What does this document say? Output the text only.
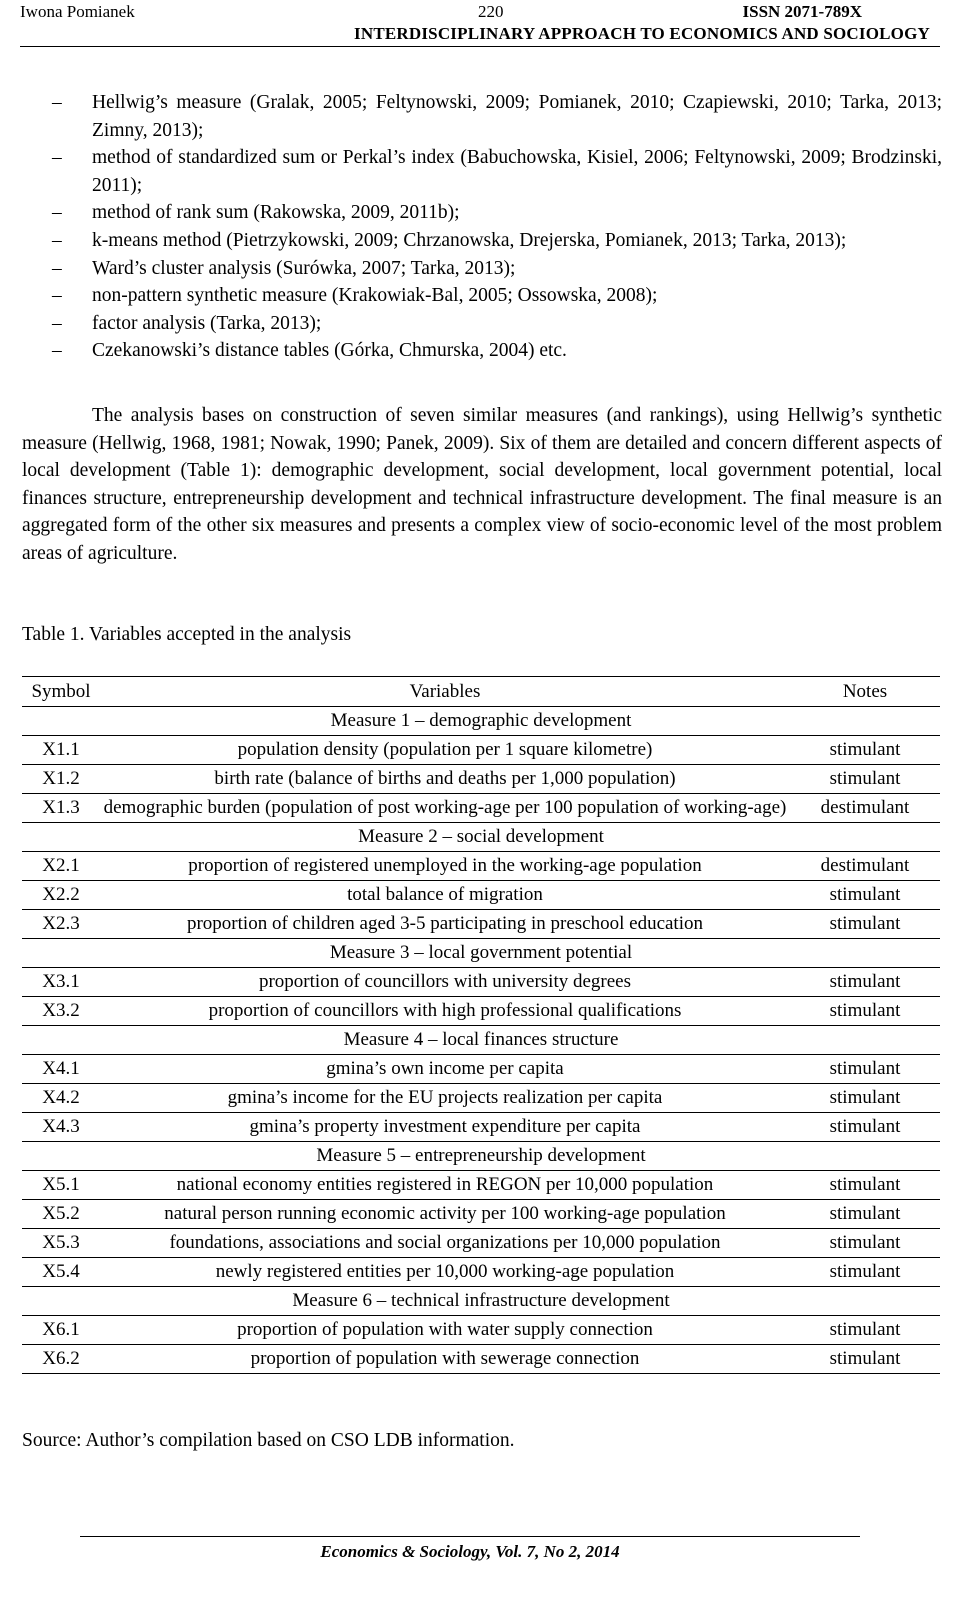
Iwona Pomianek	220	ISSN 2071-789X
INTERDISCIPLINARY APPROACH TO ECONOMICS AND SOCIOLOGY
– Hellwig’s measure (Gralak, 2005; Feltynowski, 2009; Pomianek, 2010; Czapiewski, 2010; Tarka, 2013; Zimny, 2013);
– method of standardized sum or Perkal’s index (Babuchowska, Kisiel, 2006; Feltynowski, 2009; Brodzinski, 2011);
– method of rank sum (Rakowska, 2009, 2011b);
– k-means method (Pietrzykowski, 2009; Chrzanowska, Drejerska, Pomianek, 2013; Tarka, 2013);
– Ward’s cluster analysis (Surówka, 2007; Tarka, 2013);
– non-pattern synthetic measure (Krakowiak-Bal, 2005; Ossowska, 2008);
– factor analysis (Tarka, 2013);
– Czekanowski’s distance tables (Górka, Chmurska, 2004) etc.
The analysis bases on construction of seven similar measures (and rankings), using Hellwig’s synthetic measure (Hellwig, 1968, 1981; Nowak, 1990; Panek, 2009). Six of them are detailed and concern different aspects of local development (Table 1): demographic development, social development, local government potential, local finances structure, entrepreneurship development and technical infrastructure development. The final measure is an aggregated form of the other six measures and presents a complex view of socio-economic level of the most problem areas of agriculture.
Table 1. Variables accepted in the analysis
Symbol	Variables	Notes
Measure 1 – demographic development		
X1.1	population density (population per 1 square kilometre)	stimulant
X1.2	birth rate (balance of births and deaths per 1,000 population)	stimulant
X1.3	demographic burden (population of post working-age per 100 population of working-age)	destimulant
Measure 2 – social development		
X2.1	proportion of registered unemployed in the working-age population	destimulant
X2.2	total balance of migration	stimulant
X2.3	proportion of children aged 3-5 participating in preschool education	stimulant
Measure 3 – local government potential		
X3.1	proportion of councillors with university degrees	stimulant
X3.2	proportion of councillors with high professional qualifications	stimulant
Measure 4 – local finances structure		
X4.1	gmina’s own income per capita	stimulant
X4.2	gmina’s income for the EU projects realization per capita	stimulant
X4.3	gmina’s property investment expenditure per capita	stimulant
Measure 5 – entrepreneurship development		
X5.1	national economy entities registered in REGON per 10,000 population	stimulant
X5.2	natural person running economic activity per 100 working-age population	stimulant
X5.3	foundations, associations and social organizations per 10,000 population	stimulant
X5.4	newly registered entities per 10,000 working-age population	stimulant
Measure 6 – technical infrastructure development		
X6.1	proportion of population with water supply connection	stimulant
X6.2	proportion of population with sewerage connection	stimulant
Source: Author’s compilation based on CSO LDB information.
Economics & Sociology, Vol. 7, No 2, 2014
